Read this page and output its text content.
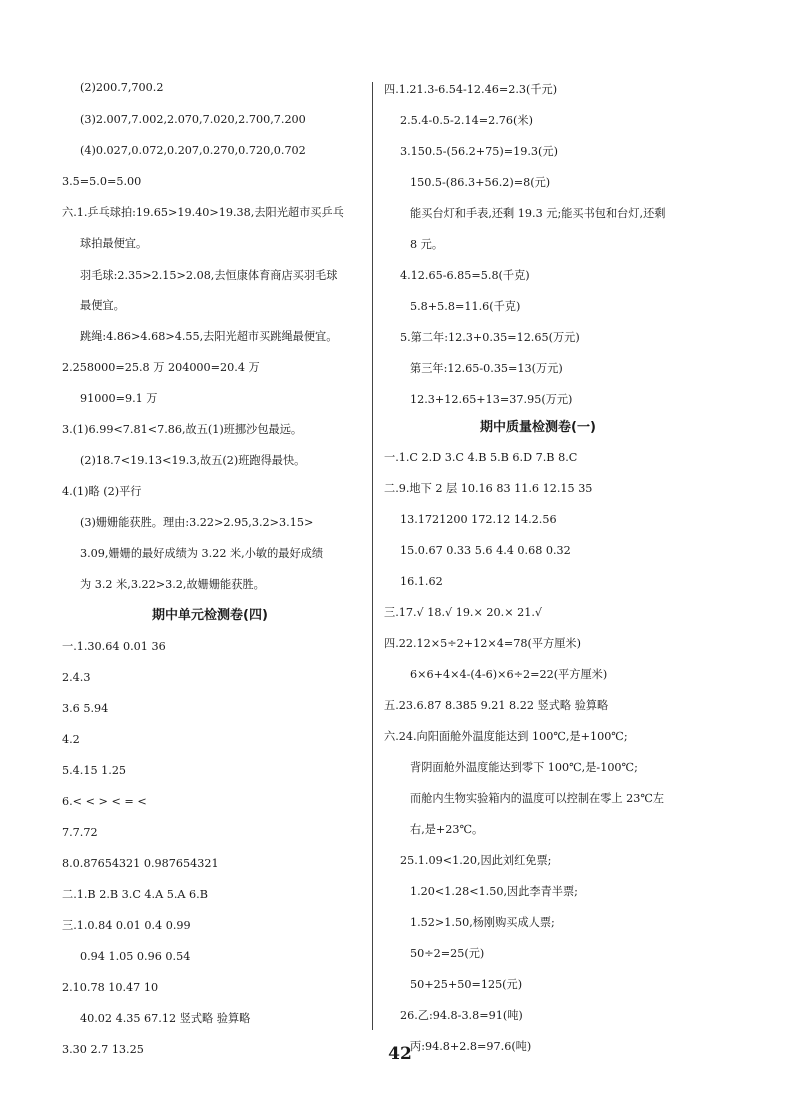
(2)200.7,700.2
(3)2.007,7.002,2.070,7.020,2.700,7.200
(4)0.027,0.072,0.207,0.270,0.720,0.702
3.5=5.0=5.00
六.1.乒乓球拍:19.65>19.40>19.38,去阳光超市买乒乓
球拍最便宜。
羽毛球:2.35>2.15>2.08,去恒康体育商店买羽毛球
最便宜。
跳绳:4.86>4.68>4.55,去阳光超市买跳绳最便宜。
2.258000=25.8 万 204000=20.4 万
91000=9.1 万
3.(1)6.99<7.81<7.86,故五(1)班挪沙包最远。
(2)18.7<19.13<19.3,故五(2)班跑得最快。
4.(1)略 (2)平行
(3)姗姗能获胜。理由:3.22>2.95,3.2>3.15>
3.09,姗姗的最好成绩为 3.22 米,小敏的最好成绩
为 3.2 米,3.22>3.2,故姗姗能获胜。
期中单元检测卷(四)
一.1.30.64 0.01 36
2.4.3
3.6 5.94
4.2
5.4.15 1.25
6.< < > < = <
7.7.72
8.0.87654321 0.987654321
二.1.B 2.B 3.C 4.A 5.A 6.B
三.1.0.84 0.01 0.4 0.99
0.94 1.05 0.96 0.54
2.10.78 10.47 10
40.02 4.35 67.12 竖式略 验算略
3.30 2.7 13.25
四.1.21.3-6.54-12.46=2.3(千元)
2.5.4-0.5-2.14=2.76(米)
3.150.5-(56.2+75)=19.3(元)
150.5-(86.3+56.2)=8(元)
能买台灯和手表,还剩 19.3 元;能买书包和台灯,还剩
8 元。
4.12.65-6.85=5.8(千克)
5.8+5.8=11.6(千克)
5.第二年:12.3+0.35=12.65(万元)
第三年:12.65-0.35=13(万元)
12.3+12.65+13=37.95(万元)
期中质量检测卷(一)
一.1.C 2.D 3.C 4.B 5.B 6.D 7.B 8.C
二.9.地下 2 层 10.16 83 11.6 12.15 35
13.1721200 172.12 14.2.56
15.0.67 0.33 5.6 4.4 0.68 0.32
16.1.62
三.17.√ 18.√ 19.× 20.× 21.√
四.22.12×5÷2+12×4=78(平方厘米)
6×6+4×4-(4-6)×6÷2=22(平方厘米)
五.23.6.87 8.385 9.21 8.22 竖式略 验算略
六.24.向阳面舱外温度能达到 100℃,是+100℃;
背阴面舱外温度能达到零下 100℃,是-100℃;
而舱内生物实验箱内的温度可以控制在零上 23℃左
右,是+23℃。
25.1.09<1.20,因此刘红免票;
1.20<1.28<1.50,因此李青半票;
1.52>1.50,杨刚购买成人票;
50÷2=25(元)
50+25+50=125(元)
26.乙:94.8-3.8=91(吨)
丙:94.8+2.8=97.6(吨)
42
